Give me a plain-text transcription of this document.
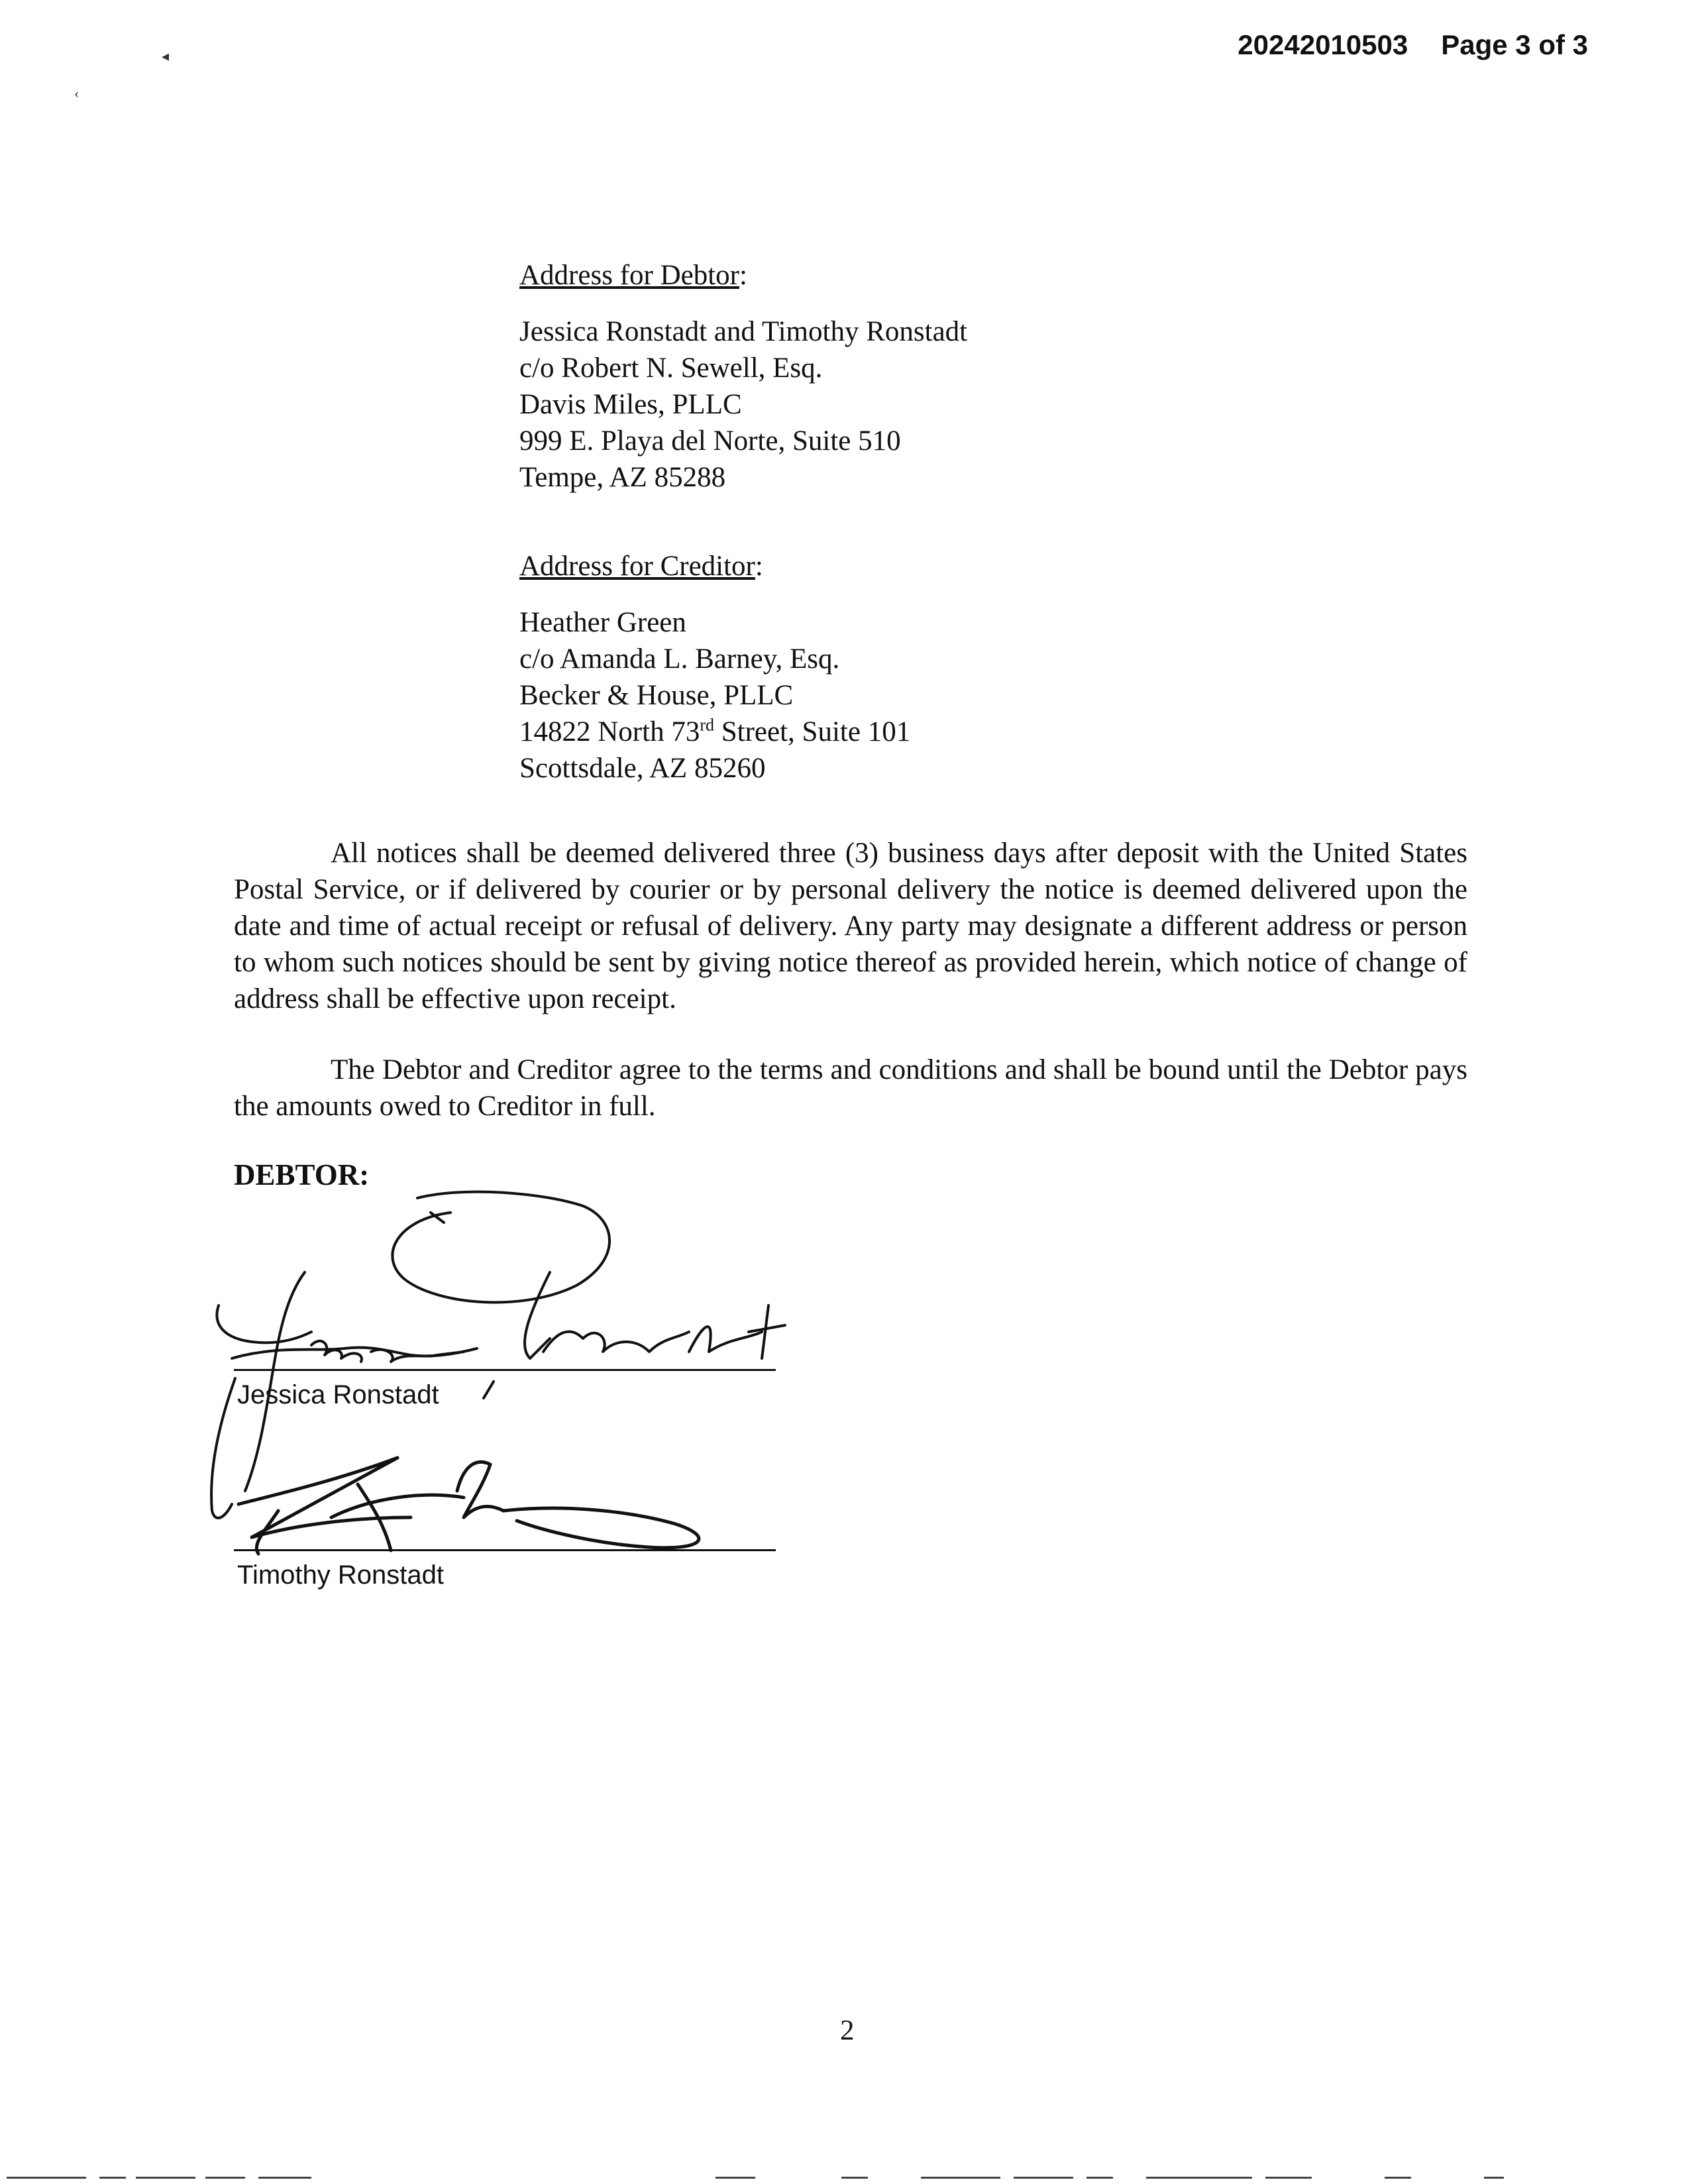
20242010503 Page 3 of 3
◂
‹
Address for Debtor:
Jessica Ronstadt and Timothy Ronstadt
c/o Robert N. Sewell, Esq.
Davis Miles, PLLC
999 E. Playa del Norte, Suite 510
Tempe, AZ 85288
Address for Creditor:
Heather Green
c/o Amanda L. Barney, Esq.
Becker & House, PLLC
14822 North 73rd Street, Suite 101
Scottsdale, AZ 85260
All notices shall be deemed delivered three (3) business days after deposit with the United States Postal Service, or if delivered by courier or by personal delivery the notice is deemed delivered upon the date and time of actual receipt or refusal of delivery. Any party may designate a different address or person to whom such notices should be sent by giving notice thereof as provided herein, which notice of change of address shall be effective upon receipt.
The Debtor and Creditor agree to the terms and conditions and shall be bound until the Debtor pays the amounts owed to Creditor in full.
DEBTOR:
Jessica Ronstadt
Timothy Ronstadt
2
